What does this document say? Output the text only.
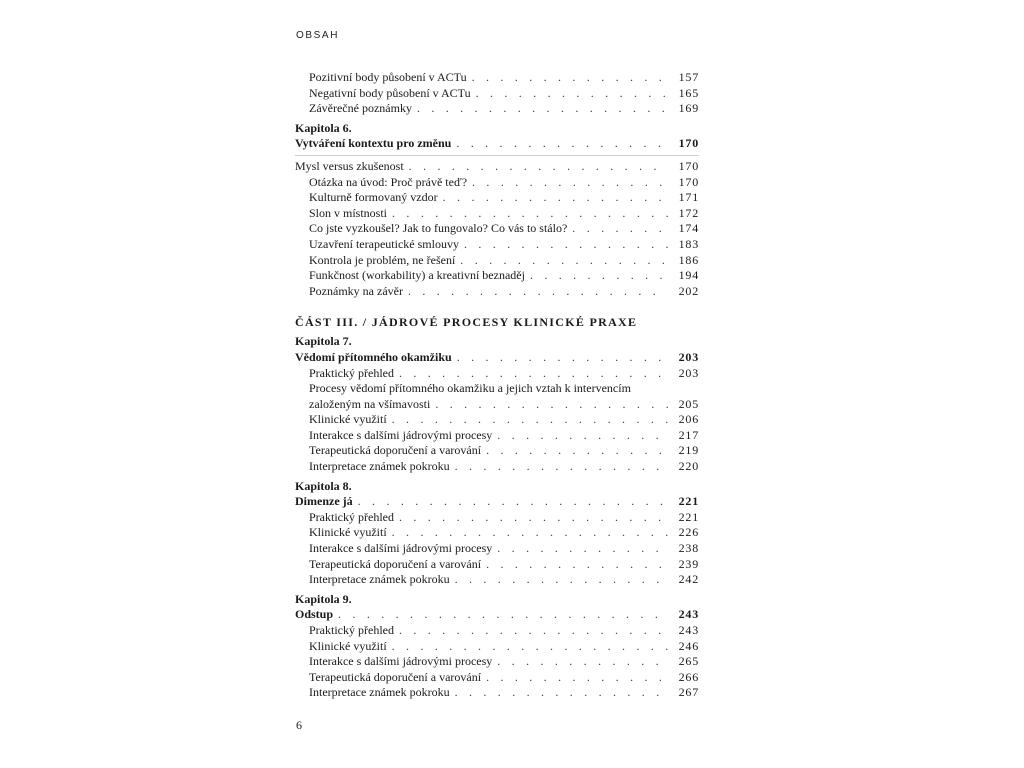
OBSAH
Pozitivní body působení v ACTu . . .	157
Negativní body působení v ACTu . . .	165
Závěrečné poznámky . . .	169
Kapitola 6.
Vytváření kontextu pro změnu . . .	170
Mysl versus zkušenost . . .	170
Otázka na úvod: Proč právě teď? . . .	170
Kulturně formovaný vzdor . . .	171
Slon v místnosti . . .	172
Co jste vyzkoušel? Jak to fungovalo? Co vás to stálo? . . .	174
Uzavření terapeutické smlouvy . . .	183
Kontrola je problém, ne řešení . . .	186
Funkčnost (workability) a kreativní beznaděj . . .	194
Poznámky na závěr . . .	202
ČÁST III. / JÁDROVÉ PROCESY KLINICKÉ PRAXE
Kapitola 7.
Vědomí přítomného okamžiku . . .	203
Praktický přehled . . .	203
Procesy vědomí přítomného okamžiku a jejich vztah k intervencím
založeným na všímavosti . . .	205
Klinické využití . . .	206
Interakce s dalšími jádrovými procesy . . .	217
Terapeutická doporučení a varování . . .	219
Interpretace známek pokroku . . .	220
Kapitola 8.
Dimenze já . . .	221
Praktický přehled . . .	221
Klinické využití . . .	226
Interakce s dalšími jádrovými procesy . . .	238
Terapeutická doporučení a varování . . .	239
Interpretace známek pokroku . . .	242
Kapitola 9.
Odstup . . .	243
Praktický přehled . . .	243
Klinické využití . . .	246
Interakce s dalšími jádrovými procesy . . .	265
Terapeutická doporučení a varování . . .	266
Interpretace známek pokroku . . .	267
6
